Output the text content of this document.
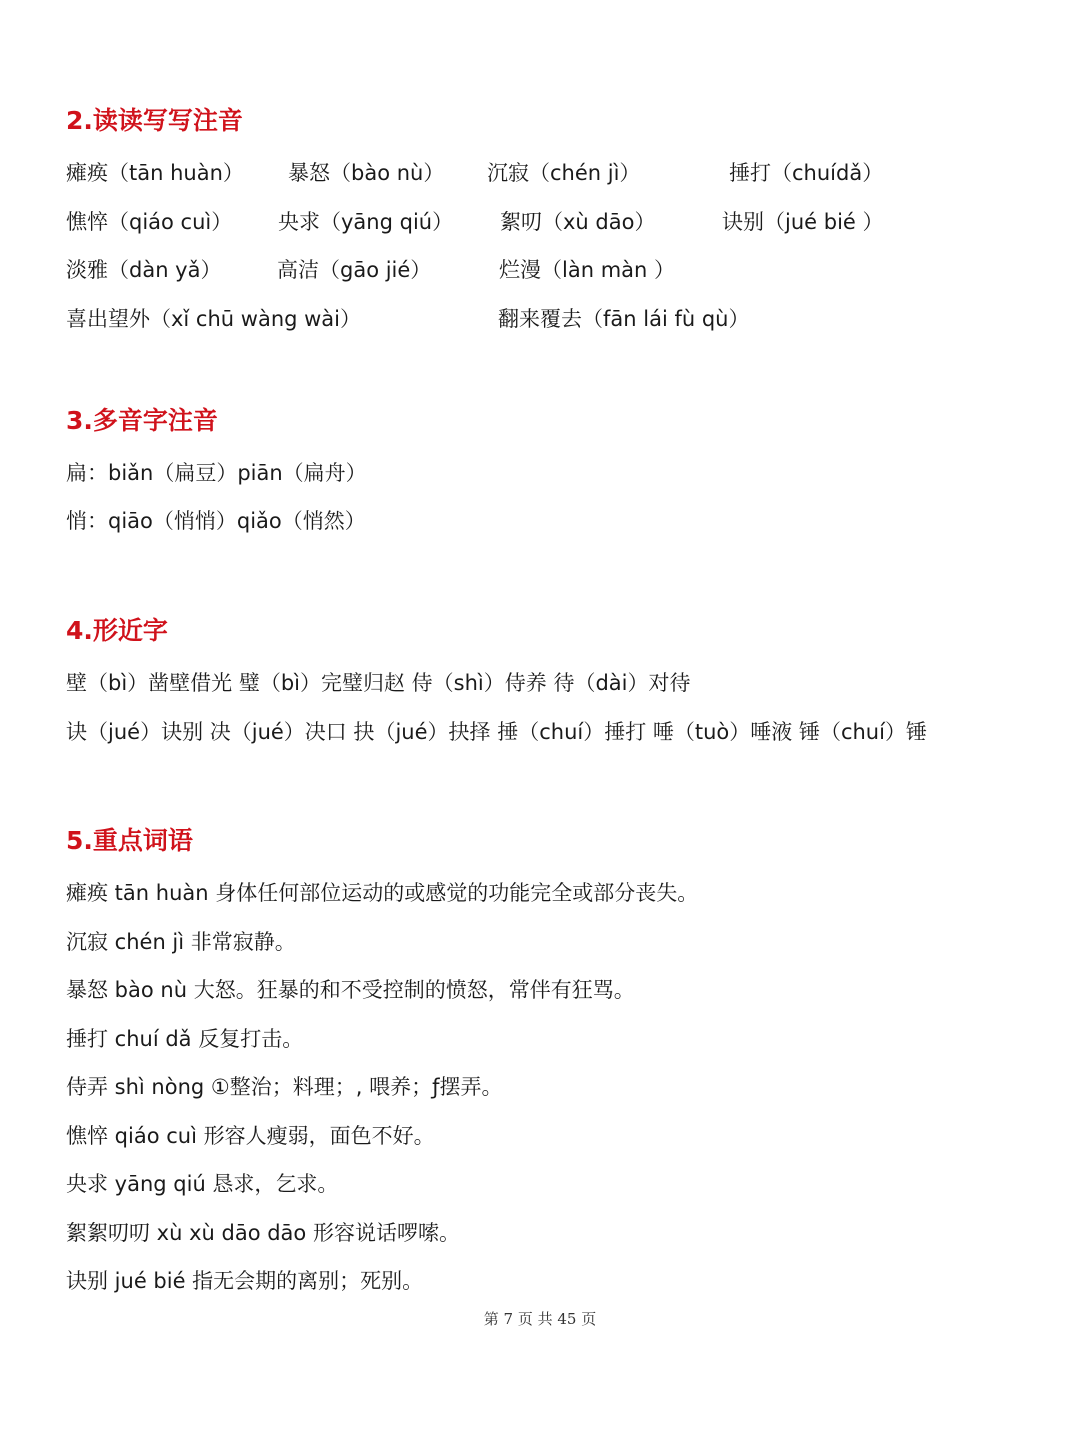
2.读读写写注音
瘫痪（tān huàn） 暴怒（bào nù） 沉寂（chén jì）	捶打（chuídǎ）
憔悴（qiáo cuì） 央求（yāng qiú） 絮叨（xù dāo）	诀别（jué bié ）
淡雅（dàn yǎ）	高洁（gāo jié）	烂漫（làn màn ）
喜出望外（xǐ chū wàng wài）	翻来覆去（fān lái fù qù）
3.多音字注音
扁：biǎn（扁豆）piān（扁舟）
悄：qiāo（悄悄）qiǎo（悄然）
4.形近字
壁（bì）凿壁借光 璧（bì）完璧归赵 侍（shì）侍养 待（dài）对待
诀（jué）诀别 决（jué）决口 抉（jué）抉择 捶（chuí）捶打 唾（tuò）唾液 锤（chuí）锤
5.重点词语
瘫痪 tān huàn 身体任何部位运动的或感觉的功能完全或部分丧失。
沉寂 chén jì 非常寂静。
暴怒 bào nù 大怒。狂暴的和不受控制的愤怒，常伴有狂骂。
捶打 chuí dǎ 反复打击。
侍弄 shì nòng ①整治；料理；, 喂养；ƒ摆弄。
憔悴 qiáo cuì 形容人瘦弱，面色不好。
央求 yāng qiú 恳求，乞求。
絮絮叨叨 xù xù dāo dāo 形容说话啰嗦。
诀别 jué bié 指无会期的离别；死别。
第 7 页 共 45 页
